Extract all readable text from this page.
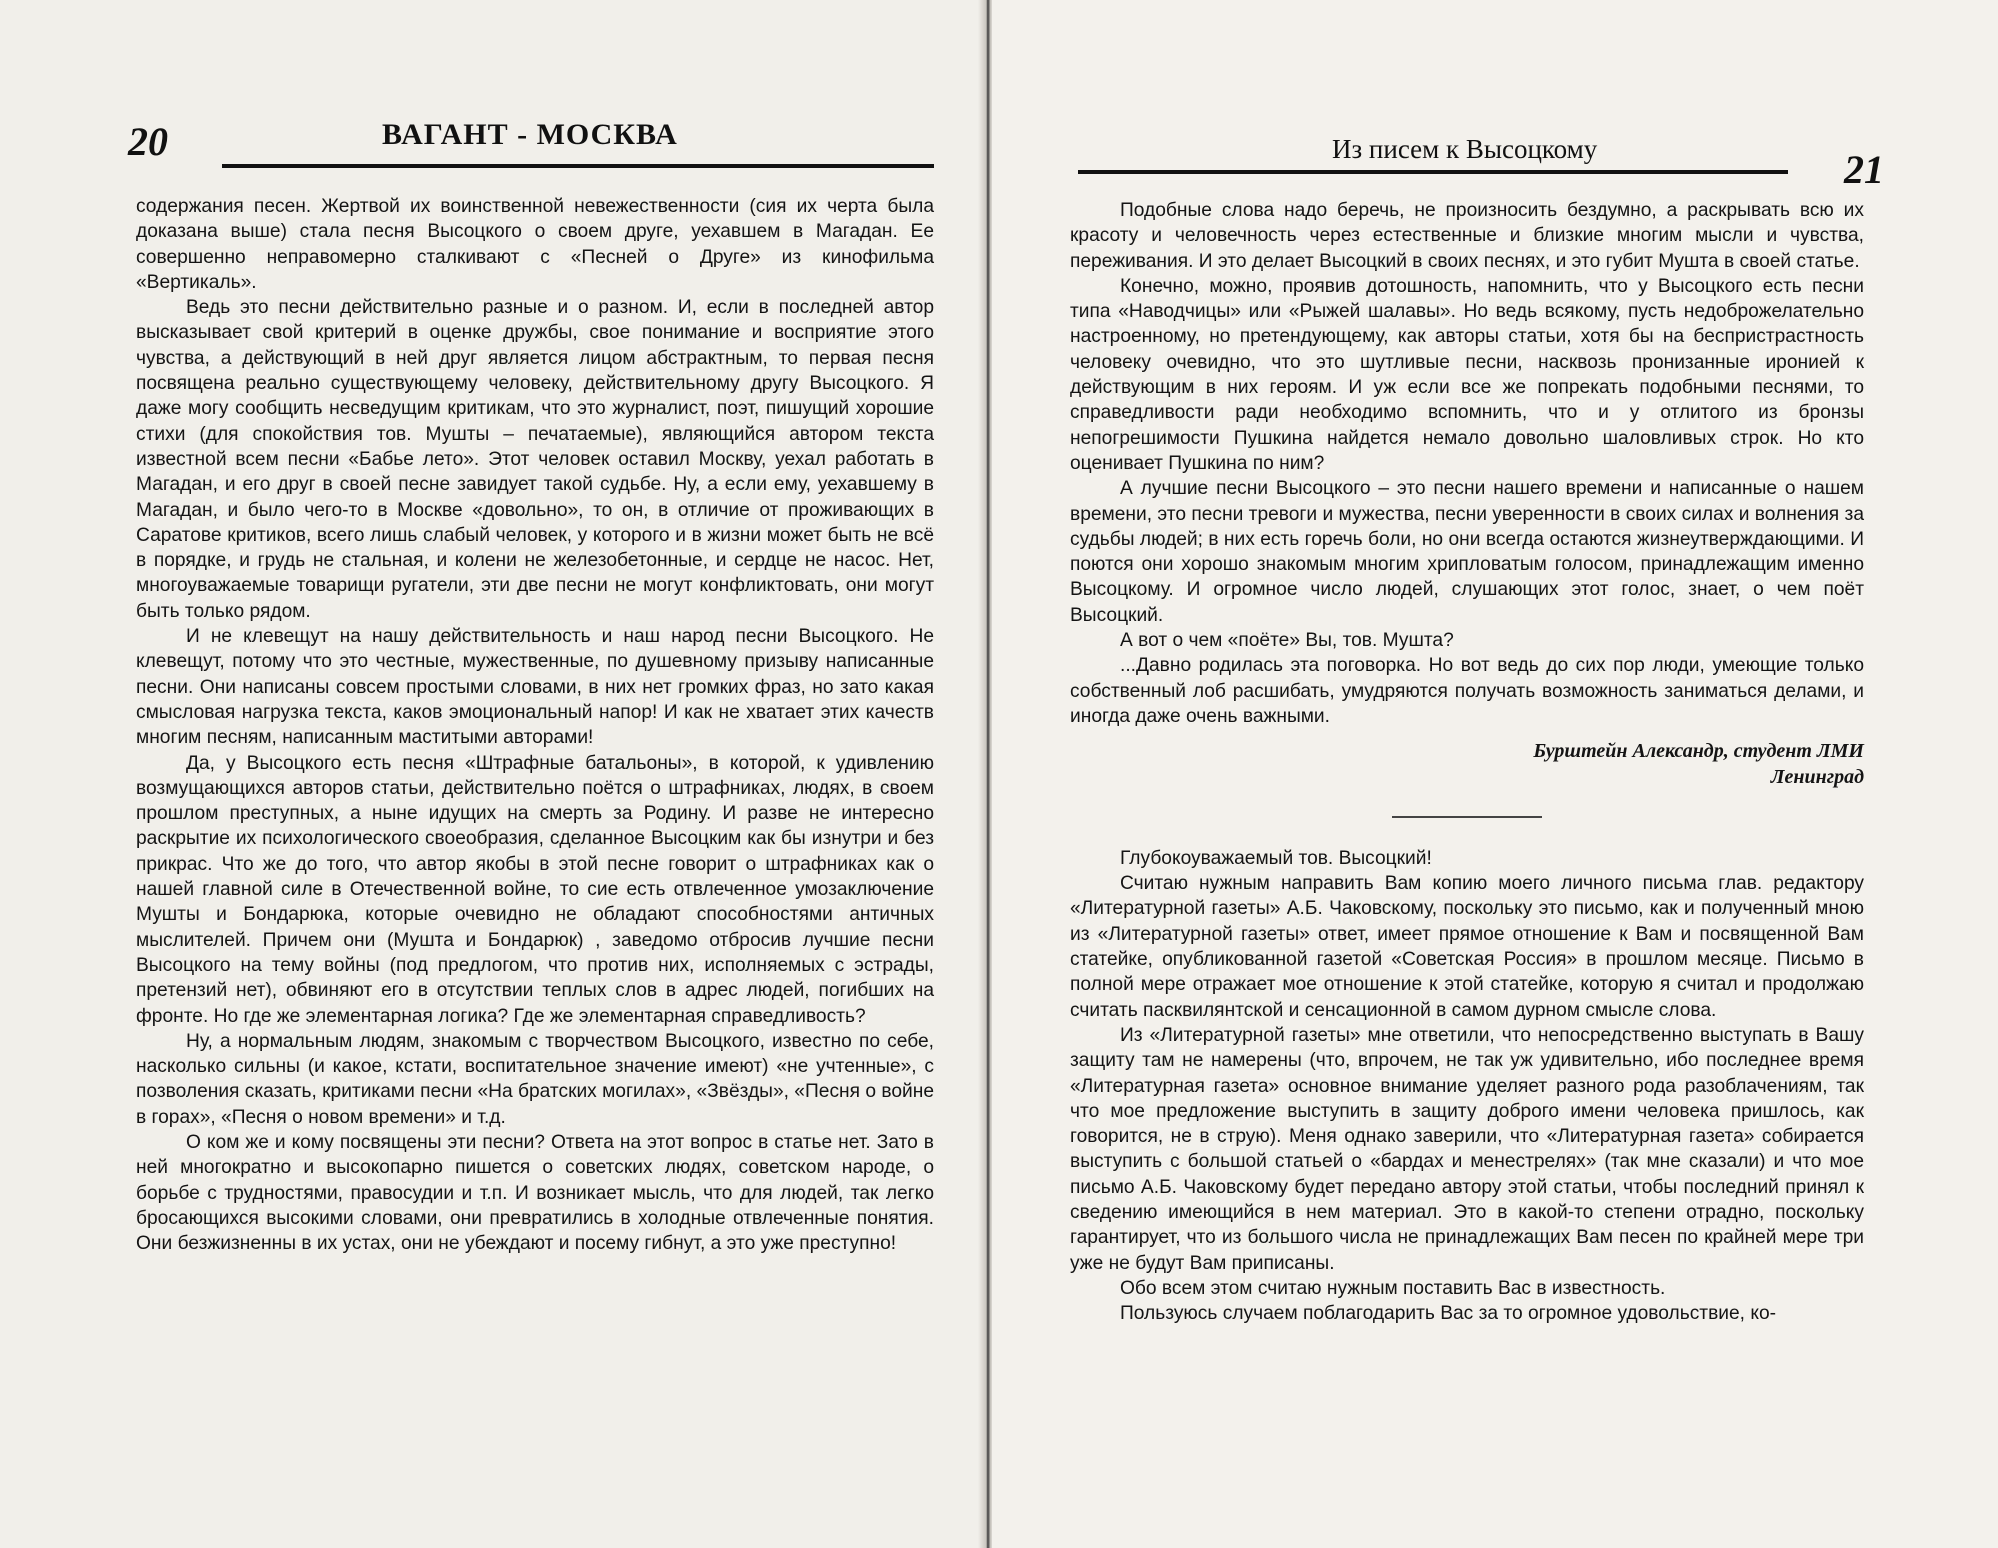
20	ВАГАНТ - МОСКВА

содержания песен. Жертвой их воинственной невежественности (сия их черта была доказана выше) стала песня Высоцкого о своем друге, уехавшем в Магадан. Ее совершенно неправомерно сталкивают с «Песней о Друге» из кинофильма «Вертикаль».

Ведь это песни действительно разные и о разном. И, если в последней автор высказывает свой критерий в оценке дружбы, свое понимание и восприятие этого чувства, а действующий в ней друг является лицом абстрактным, то первая песня посвящена реально существующему человеку, действительному другу Высоцкого. Я даже могу сообщить несведущим критикам, что это журналист, поэт, пишущий хорошие стихи (для спокойствия тов. Мушты – печатаемые), являющийся автором текста известной всем песни «Бабье лето». Этот человек оставил Москву, уехал работать в Магадан, и его друг в своей песне завидует такой судьбе. Ну, а если ему, уехавшему в Магадан, и было чего-то в Москве «довольно», то он, в отличие от проживающих в Саратове критиков, всего лишь слабый человек, у которого и в жизни может быть не всё в порядке, и грудь не стальная, и колени не железобетонные, и сердце не насос. Нет, многоуважаемые товарищи ругатели, эти две песни не могут конфликтовать, они могут быть только рядом.

И не клевещут на нашу действительность и наш народ песни Высоцкого. Не клевещут, потому что это честные, мужественные, по душевному призыву написанные песни. Они написаны совсем простыми словами, в них нет громких фраз, но зато какая смысловая нагрузка текста, каков эмоциональный напор! И как не хватает этих качеств многим песням, написанным маститыми авторами!

Да, у Высоцкого есть песня «Штрафные батальоны», в которой, к удивлению возмущающихся авторов статьи, действительно поётся о штрафниках, людях, в своем прошлом преступных, а ныне идущих на смерть за Родину. И разве не интересно раскрытие их психологического своеобразия, сделанное Высоцким как бы изнутри и без прикрас. Что же до того, что автор якобы в этой песне говорит о штрафниках как о нашей главной силе в Отечественной войне, то сие есть отвлеченное умозаключение Мушты и Бондарюка, которые очевидно не обладают способностями античных мыслителей. Причем они (Мушта и Бондарюк) , заведомо отбросив лучшие песни Высоцкого на тему войны (под предлогом, что против них, исполняемых с эстрады, претензий нет), обвиняют его в отсутствии теплых слов в адрес людей, погибших на фронте. Но где же элементарная логика? Где же элементарная справедливость?

Ну, а нормальным людям, знакомым с творчеством Высоцкого, известно по себе, насколько сильны (и какое, кстати, воспитательное значение имеют) «не учтенные», с позволения сказать, критиками песни «На братских могилах», «Звёзды», «Песня о войне в горах», «Песня о новом времени» и т.д.

О ком же и кому посвящены эти песни? Ответа на этот вопрос в статье нет. Зато в ней многократно и высокопарно пишется о советских людях, советском народе, о борьбе с трудностями, правосудии и т.п. И возникает мысль, что для людей, так легко бросающихся высокими словами, они превратились в холодные отвлеченные понятия. Они безжизненны в их устах, они не убеждают и посему гибнут, а это уже преступно!

Из писем к Высоцкому	21

Подобные слова надо беречь, не произносить бездумно, а раскрывать всю их красоту и человечность через естественные и близкие многим мысли и чувства, переживания. И это делает Высоцкий в своих песнях, и это губит Мушта в своей статье.

Конечно, можно, проявив дотошность, напомнить, что у Высоцкого есть песни типа «Наводчицы» или «Рыжей шалавы». Но ведь всякому, пусть недоброжелательно настроенному, но претендующему, как авторы статьи, хотя бы на беспристрастность человеку очевидно, что это шутливые песни, насквозь пронизанные иронией к действующим в них героям. И уж если все же попрекать подобными песнями, то справедливости ради необходимо вспомнить, что и у отлитого из бронзы непогрешимости Пушкина найдется немало довольно шаловливых строк. Но кто оценивает Пушкина по ним?

А лучшие песни Высоцкого – это песни нашего времени и написанные о нашем времени, это песни тревоги и мужества, песни уверенности в своих силах и волнения за судьбы людей; в них есть горечь боли, но они всегда остаются жизнеутверждающими. И поются они хорошо знакомым многим хрипловатым голосом, принадлежащим именно Высоцкому. И огромное число людей, слушающих этот голос, знает, о чем поёт Высоцкий.

А вот о чем «поёте» Вы, тов. Мушта?

...Давно родилась эта поговорка. Но вот ведь до сих пор люди, умеющие только собственный лоб расшибать, умудряются получать возможность заниматься делами, и иногда даже очень важными.

Бурштейн Александр, студент ЛМИ
Ленинград

Глубокоуважаемый тов. Высоцкий!

Считаю нужным направить Вам копию моего личного письма глав. редактору «Литературной газеты» А.Б. Чаковскому, поскольку это письмо, как и полученный мною из «Литературной газеты» ответ, имеет прямое отношение к Вам и посвященной Вам статейке, опубликованной газетой «Советская Россия» в прошлом месяце. Письмо в полной мере отражает мое отношение к этой статейке, которую я считал и продолжаю считать пасквилянтской и сенсационной в самом дурном смысле слова.

Из «Литературной газеты» мне ответили, что непосредственно выступать в Вашу защиту там не намерены (что, впрочем, не так уж удивительно, ибо последнее время «Литературная газета» основное внимание уделяет разного рода разоблачениям, так что мое предложение выступить в защиту доброго имени человека пришлось, как говорится, не в струю). Меня однако заверили, что «Литературная газета» собирается выступить с большой статьей о «бардах и менестрелях» (так мне сказали) и что мое письмо А.Б. Чаковскому будет передано автору этой статьи, чтобы последний принял к сведению имеющийся в нем материал. Это в какой-то степени отрадно, поскольку гарантирует, что из большого числа не принадлежащих Вам песен по крайней мере три уже не будут Вам приписаны.

Обо всем этом считаю нужным поставить Вас в известность.

Пользуюсь случаем поблагодарить Вас за то огромное удовольствие, ко-
